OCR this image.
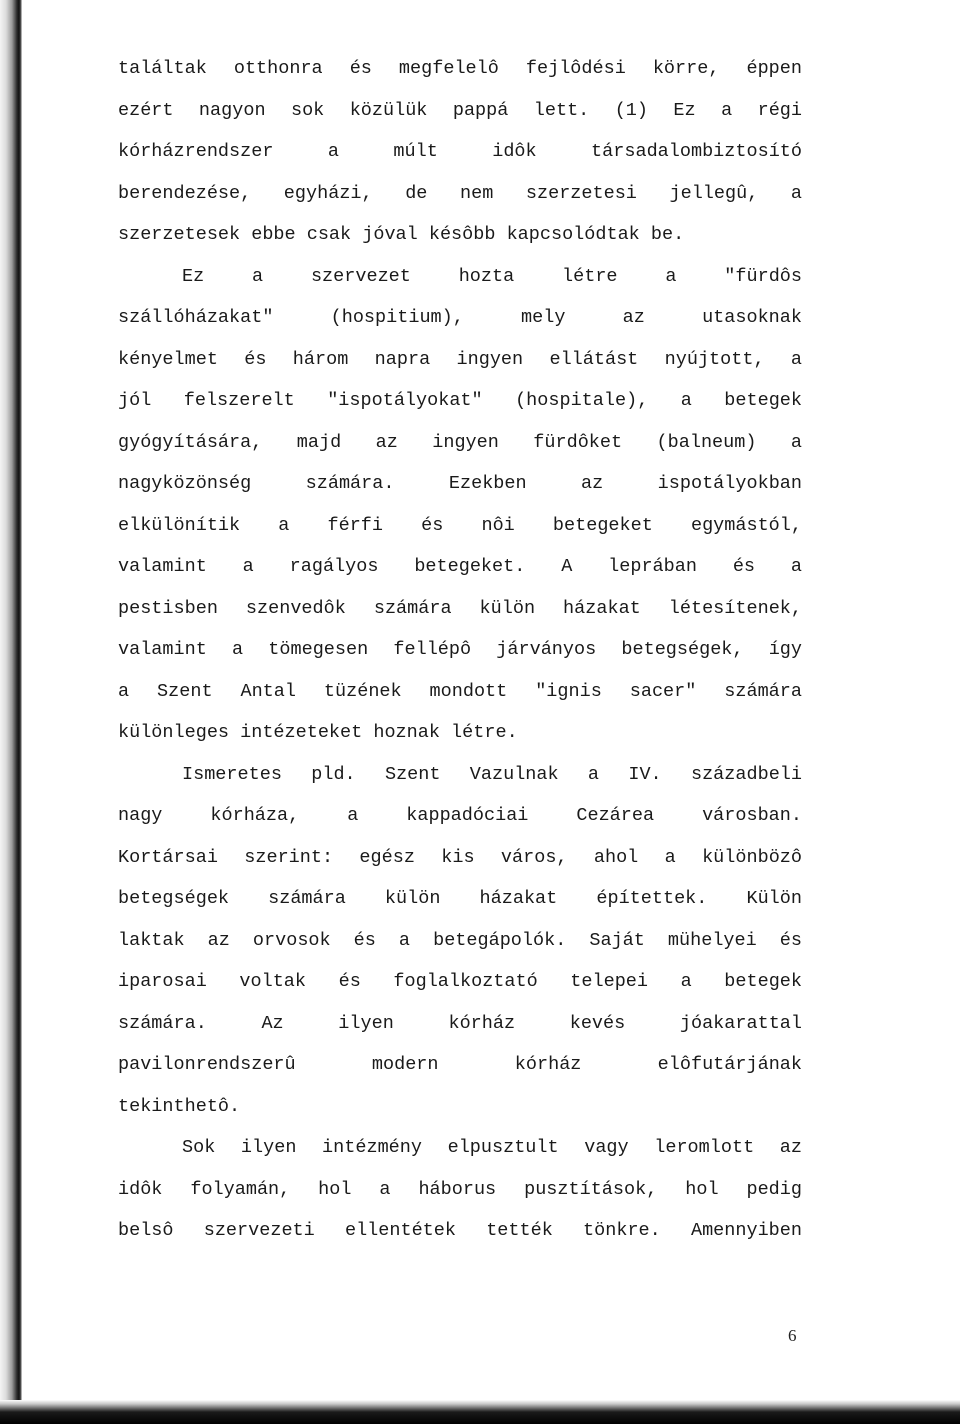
találtak otthonra és megfelelô fejlôdési körre, éppen
ezért nagyon sok közülük pappá lett. (1) Ez a régi
kórházrendszer a múlt idôk társadalombiztosító
berendezése, egyházi, de nem szerzetesi jellegû, a
szerzetesek ebbe csak jóval késôbb kapcsolódtak be.
Ez a szervezet hozta létre a "fürdôs
szállóházakat" (hospitium), mely az utasoknak
kényelmet és három napra ingyen ellátást nyújtott, a
jól felszerelt "ispotályokat" (hospitale), a betegek
gyógyítására, majd az ingyen fürdôket (balneum) a
nagyközönség számára. Ezekben az ispotályokban
elkülönítik a férfi és nôi betegeket egymástól,
valamint a ragályos betegeket. A leprában és a
pestisben szenvedôk számára külön házakat létesítenek,
valamint a tömegesen fellépô járványos betegségek, így
a Szent Antal tüzének mondott "ignis sacer" számára
különleges intézeteket hoznak létre.
Ismeretes pld. Szent Vazulnak a IV. századbeli
nagy kórháza, a kappadóciai Cezárea városban.
Kortársai szerint: egész kis város, ahol a különbözô
betegségek számára külön házakat építettek. Külön
laktak az orvosok és a betegápolók. Saját mühelyei és
iparosai voltak és foglalkoztató telepei a betegek
számára. Az ilyen kórház kevés jóakarattal
pavilonrendszerû modern kórház elôfutárjának
tekinthetô.
Sok ilyen intézmény elpusztult vagy leromlott az
idôk folyamán, hol a háborus pusztítások, hol pedig
belsô szervezeti ellentétek tették tönkre. Amennyiben
6
